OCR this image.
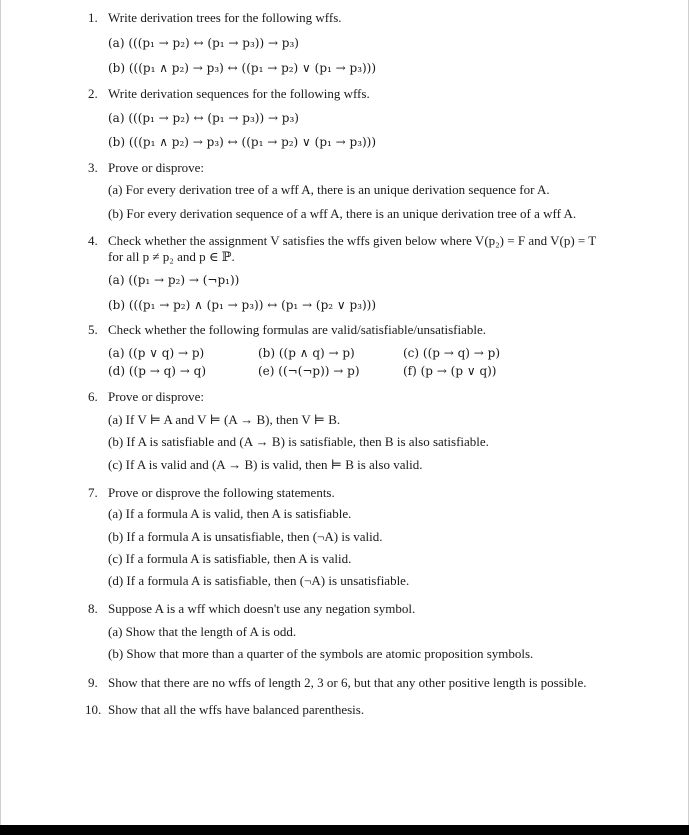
1. Write derivation trees for the following wffs.
(a) (((p₁ → p₂) ↔ (p₁ → p₃)) → p₃)
(b) (((p₁ ∧ p₂) → p₃) ↔ ((p₁ → p₂) ∨ (p₁ → p₃)))
2. Write derivation sequences for the following wffs.
(a) (((p₁ → p₂) ↔ (p₁ → p₃)) → p₃)
(b) (((p₁ ∧ p₂) → p₃) ↔ ((p₁ → p₂) ∨ (p₁ → p₃)))
3. Prove or disprove:
(a) For every derivation tree of a wff A, there is an unique derivation sequence for A.
(b) For every derivation sequence of a wff A, there is an unique derivation tree of a wff A.
4. Check whether the assignment V satisfies the wffs given below where V(p₂) = F and V(p) = T
for all p ≠ p₂ and p ∈ ℙ.
(a) ((p₁ → p₂) → (¬p₁))
(b) (((p₁ → p₂) ∧ (p₁ → p₃)) ↔ (p₁ → (p₂ ∨ p₃)))
5. Check whether the following formulas are valid/satisfiable/unsatisfiable.
(a) ((p ∨ q) → p)	(b) ((p ∧ q) → p)	(c) ((p → q) → p)
(d) ((p → q) → q)	(e) ((¬(¬p)) → p)	(f) (p → (p ∨ q))
6. Prove or disprove:
(a) If V ⊨ A and V ⊨ (A → B), then V ⊨ B.
(b) If A is satisfiable and (A → B) is satisfiable, then B is also satisfiable.
(c) If A is valid and (A → B) is valid, then ⊨ B is also valid.
7. Prove or disprove the following statements.
(a) If a formula A is valid, then A is satisfiable.
(b) If a formula A is unsatisfiable, then (¬A) is valid.
(c) If a formula A is satisfiable, then A is valid.
(d) If a formula A is satisfiable, then (¬A) is unsatisfiable.
8. Suppose A is a wff which doesn't use any negation symbol.
(a) Show that the length of A is odd.
(b) Show that more than a quarter of the symbols are atomic proposition symbols.
9. Show that there are no wffs of length 2, 3 or 6, but that any other positive length is possible.
10. Show that all the wffs have balanced parenthesis.
